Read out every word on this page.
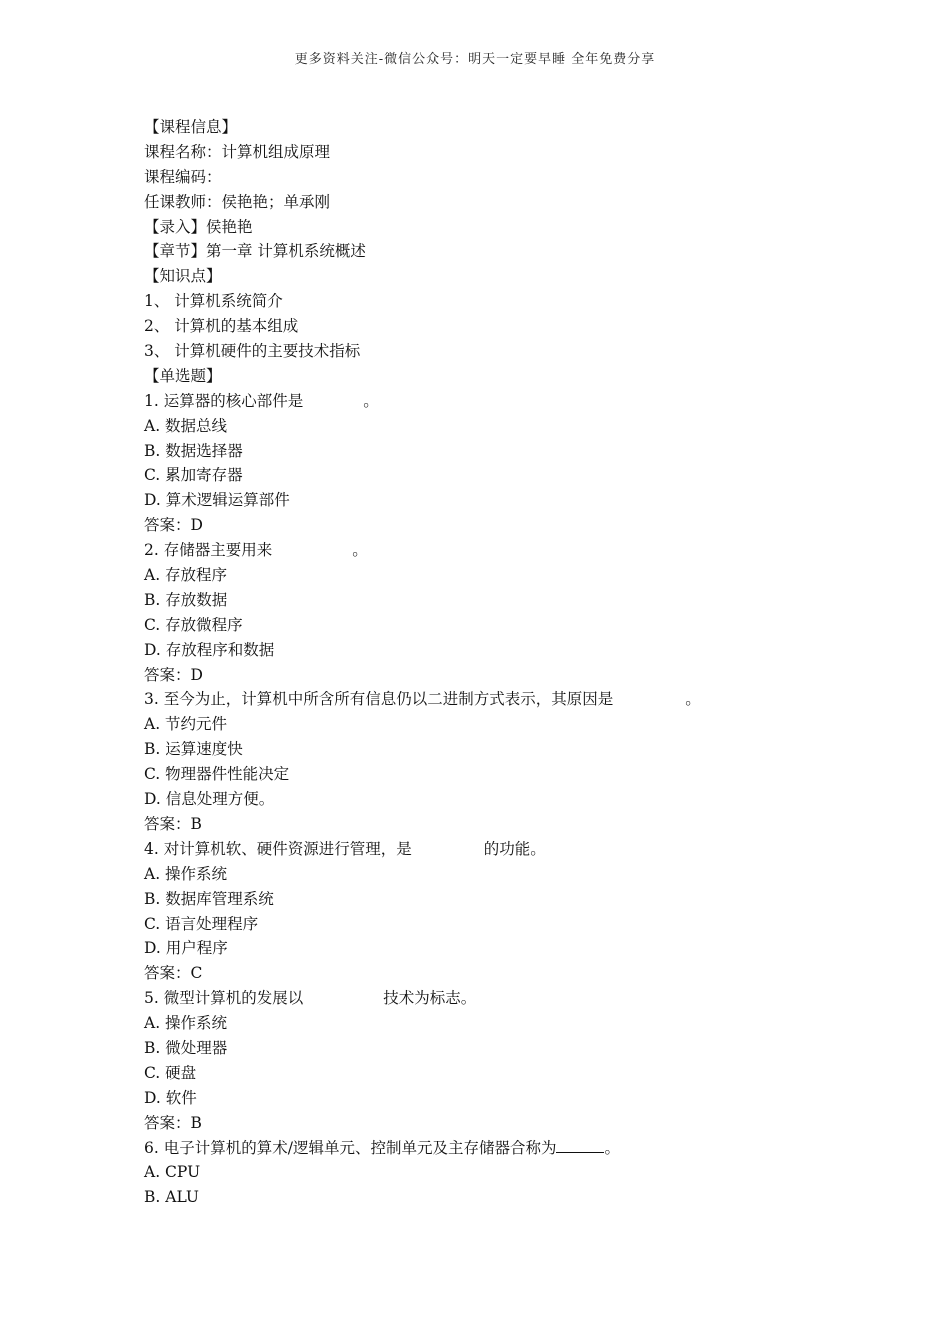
更多资料关注-微信公众号：明天一定要早睡 全年免费分享
【课程信息】
课程名称：计算机组成原理
课程编码：
任课教师：侯艳艳；单承刚
【录入】侯艳艳
【章节】第一章 计算机系统概述
【知识点】
1、 计算机系统简介
2、 计算机的基本组成
3、 计算机硬件的主要技术指标
【单选题】
1. 运算器的核心部件是	。
A. 数据总线
B. 数据选择器
C. 累加寄存器
D. 算术逻辑运算部件
答案：D
2. 存储器主要用来	。
A. 存放程序
B. 存放数据
C. 存放微程序
D. 存放程序和数据
答案：D
3. 至今为止，计算机中所含所有信息仍以二进制方式表示，其原因是	。
A. 节约元件
B. 运算速度快
C. 物理器件性能决定
D. 信息处理方便。
答案：B
4. 对计算机软、硬件资源进行管理，是	的功能。
A. 操作系统
B. 数据库管理系统
C. 语言处理程序
D. 用户程序
答案：C
5. 微型计算机的发展以	技术为标志。
A. 操作系统
B. 微处理器
C. 硬盘
D. 软件
答案：B
6. 电子计算机的算术/逻辑单元、控制单元及主存储器合称为	。
A. CPU
B. ALU
